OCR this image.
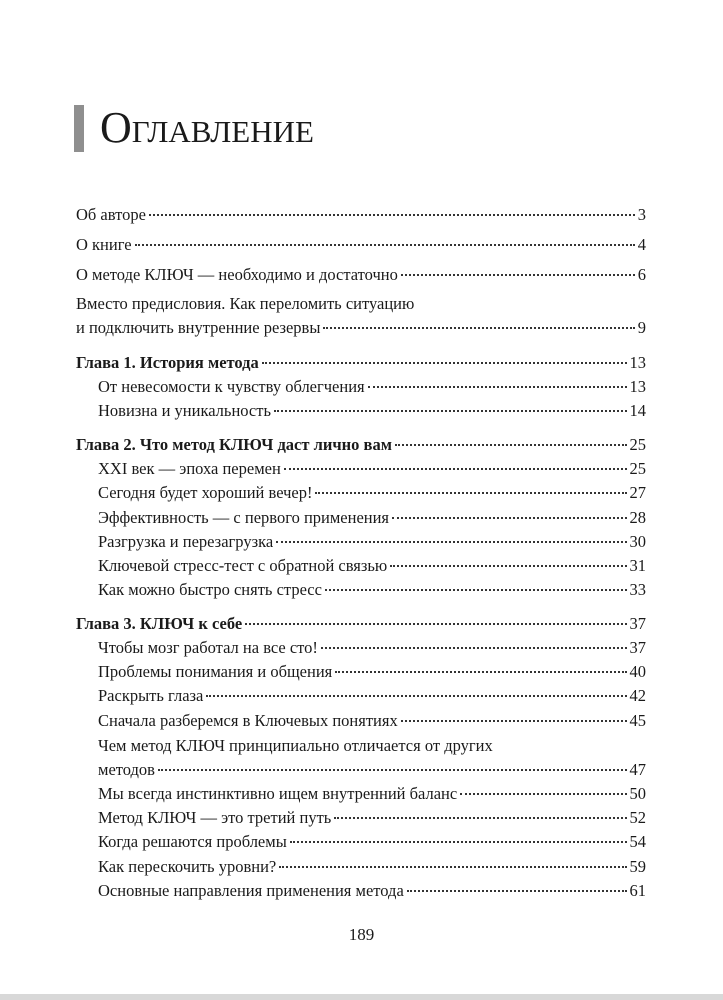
Оглавление
Об авторе	3
О книге	4
О методе КЛЮЧ — необходимо и достаточно	6
Вместо предисловия. Как переломить ситуацию
и подключить внутренние резервы	9
Глава 1. История метода	13
От невесомости к чувству облегчения	13
Новизна и уникальность	14
Глава 2. Что метод КЛЮЧ даст лично вам	25
XXI век — эпоха перемен	25
Сегодня будет хороший вечер!	27
Эффективность — с первого применения	28
Разгрузка и перезагрузка	30
Ключевой стресс-тест с обратной связью	31
Как можно быстро снять стресс	33
Глава 3. КЛЮЧ к себе	37
Чтобы мозг работал на все сто!	37
Проблемы понимания и общения	40
Раскрыть глаза	42
Сначала разберемся в Ключевых понятиях	45
Чем метод КЛЮЧ принципиально отличается от других
методов	47
Мы всегда инстинктивно ищем внутренний баланс	50
Метод КЛЮЧ — это третий путь	52
Когда решаются проблемы	54
Как перескочить уровни?	59
Основные направления применения метода	61
189
